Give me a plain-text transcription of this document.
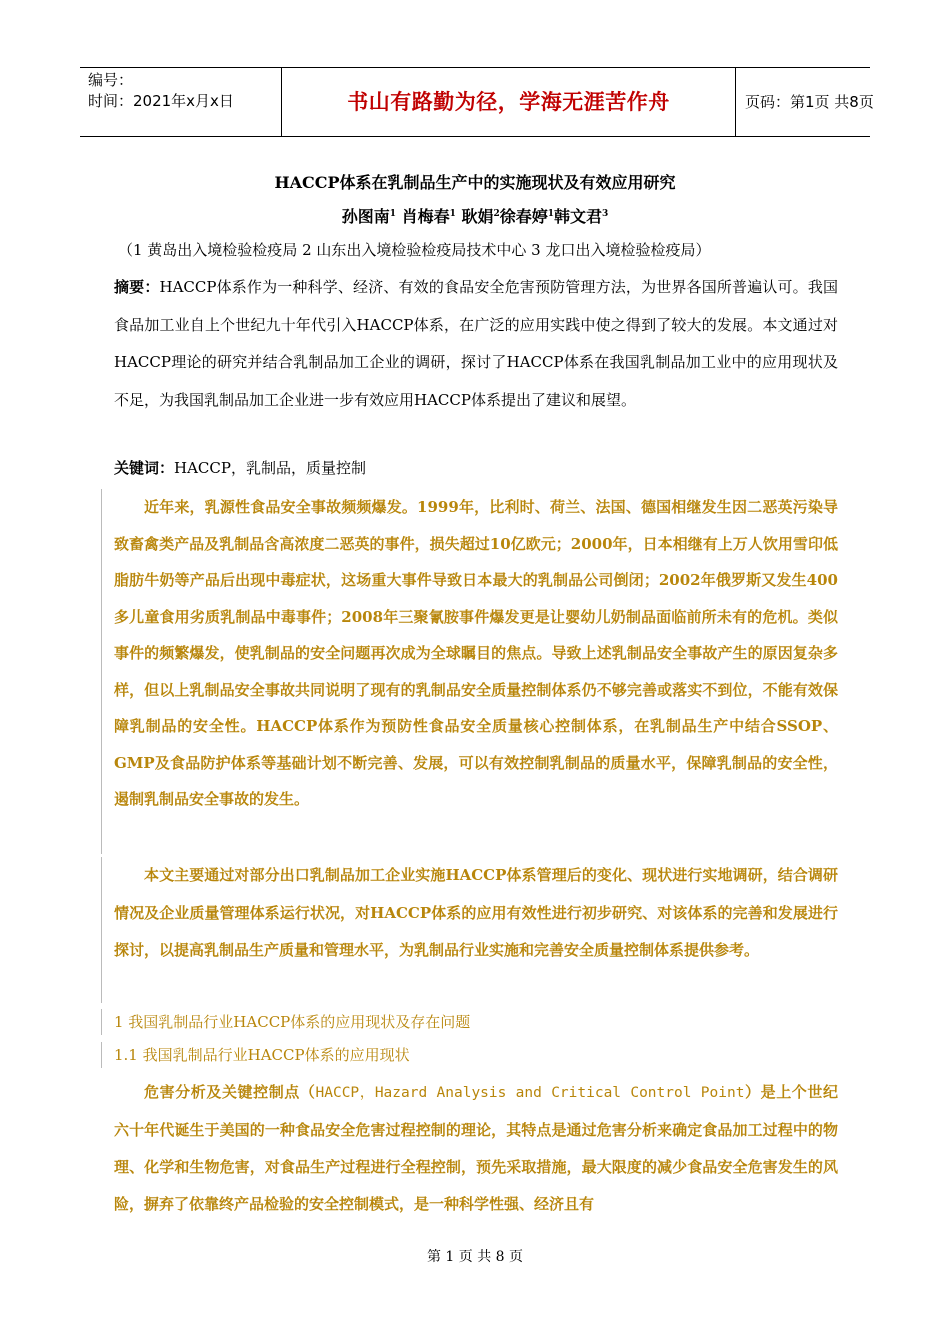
编号：
时间：2021年x月x日	书山有路勤为径，学海无涯苦作舟	页码：第1页 共8页
HACCP体系在乳制品生产中的实施现状及有效应用研究
孙图南$^1$ 肖梅春$^1$ 耿娟$^2$徐春婷$^1$韩文君$^3$
（1 黄岛出入境检验检疫局 2 山东出入境检验检疫局技术中心 3 龙口出入境检验检疫局）
摘要：HACCP体系作为一种科学、经济、有效的食品安全危害预防管理方法，为世界各国所普遍认可。我国食品加工业自上个世纪九十年代引入HACCP体系，在广泛的应用实践中使之得到了较大的发展。本文通过对HACCP理论的研究并结合乳制品加工企业的调研，探讨了HACCP体系在我国乳制品加工业中的应用现状及不足，为我国乳制品加工企业进一步有效应用HACCP体系提出了建议和展望。
关键词：HACCP，乳制品，质量控制
近年来，乳源性食品安全事故频频爆发。1999年，比利时、荷兰、法国、德国相继发生因二恶英污染导致畜禽类产品及乳制品含高浓度二恶英的事件，损失超过10亿欧元；2000年，日本相继有上万人饮用雪印低脂肪牛奶等产品后出现中毒症状，这场重大事件导致日本最大的乳制品公司倒闭；2002年俄罗斯又发生400多儿童食用劣质乳制品中毒事件；2008年三聚氰胺事件爆发更是让婴幼儿奶制品面临前所未有的危机。类似事件的频繁爆发，使乳制品的安全问题再次成为全球瞩目的焦点。导致上述乳制品安全事故产生的原因复杂多样，但以上乳制品安全事故共同说明了现有的乳制品安全质量控制体系仍不够完善或落实不到位，不能有效保障乳制品的安全性。HACCP体系作为预防性食品安全质量核心控制体系，在乳制品生产中结合SSOP、GMP及食品防护体系等基础计划不断完善、发展，可以有效控制乳制品的质量水平，保障乳制品的安全性，遏制乳制品安全事故的发生。
本文主要通过对部分出口乳制品加工企业实施HACCP体系管理后的变化、现状进行实地调研，结合调研情况及企业质量管理体系运行状况，对HACCP体系的应用有效性进行初步研究、对该体系的完善和发展进行探讨，以提高乳制品生产质量和管理水平，为乳制品行业实施和完善安全质量控制体系提供参考。
1 我国乳制品行业HACCP体系的应用现状及存在问题
1.1 我国乳制品行业HACCP体系的应用现状
危害分析及关键控制点（HACCP，Hazard Analysis and Critical Control Point）是上个世纪六十年代诞生于美国的一种食品安全危害过程控制的理论，其特点是通过危害分析来确定食品加工过程中的物理、化学和生物危害，对食品生产过程进行全程控制，预先采取措施，最大限度的减少食品安全危害发生的风险，摒弃了依靠终产品检验的安全控制模式，是一种科学性强、经济且有
第 1 页 共 8 页
